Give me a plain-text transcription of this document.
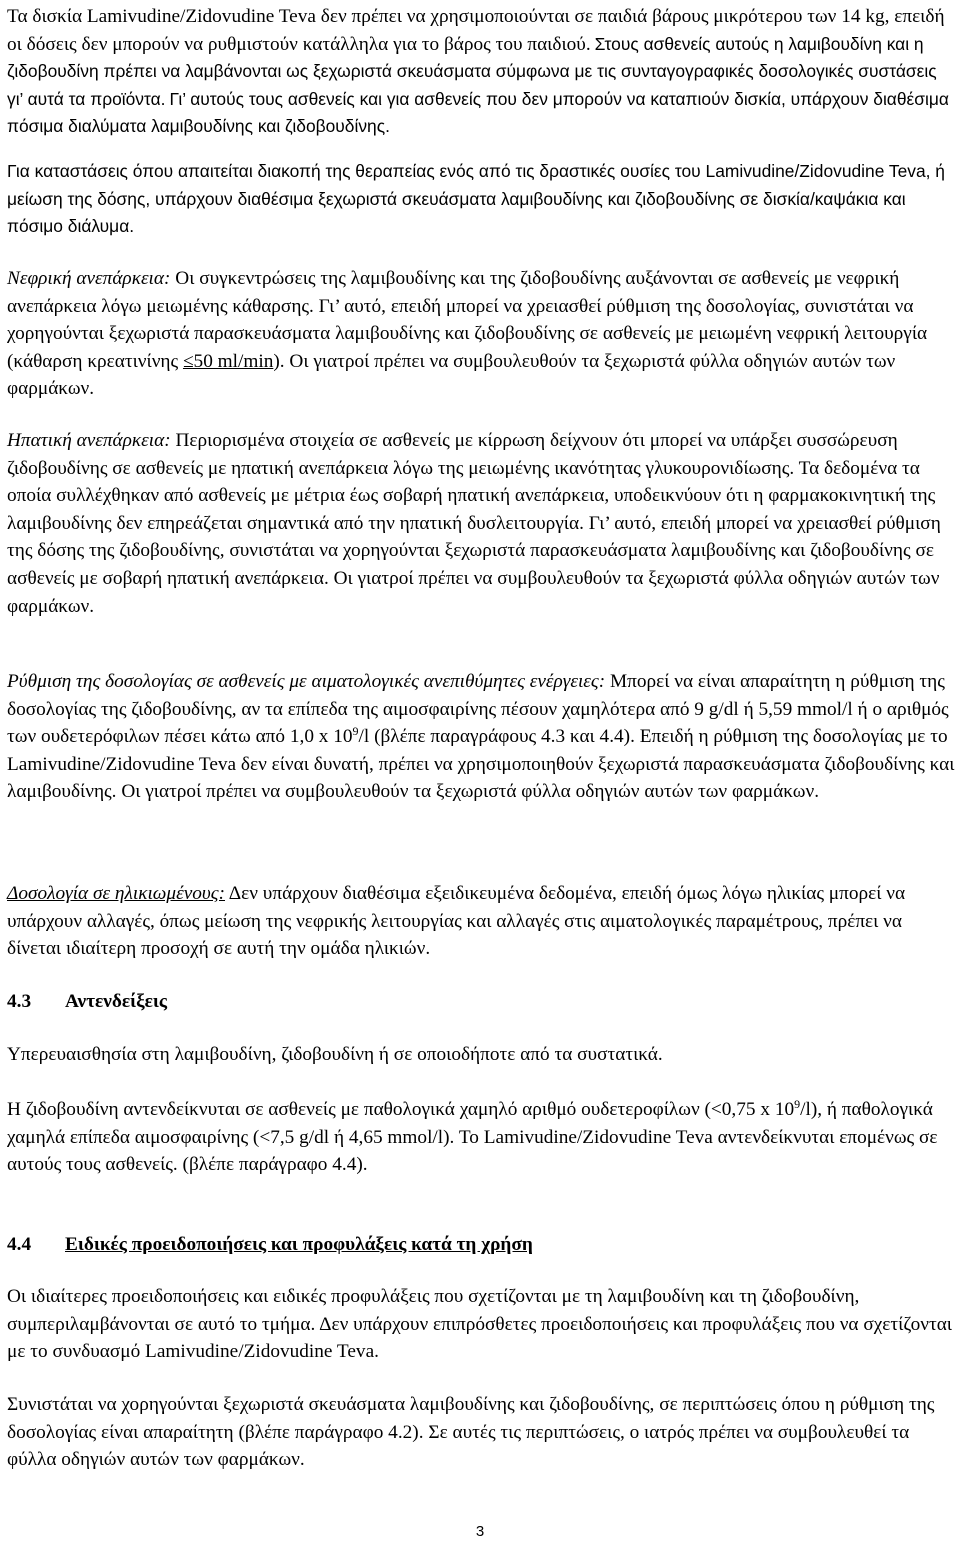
Τα δισκία Lamivudine/Zidovudine Teva δεν πρέπει να χρησιμοποιούνται σε παιδιά βάρους μικρότερου των 14 kg, επειδή οι δόσεις δεν μπορούν να ρυθμιστούν κατάλληλα για το βάρος του παιδιού. Στους ασθενείς αυτούς η λαμιβουδίνη και η ζιδοβουδίνη πρέπει να λαμβάνονται ως ξεχωριστά σκευάσματα σύμφωνα με τις συνταγογραφικές δοσολογικές συστάσεις γι’ αυτά τα προϊόντα. Γι’ αυτούς τους ασθενείς και για ασθενείς που δεν μπορούν να καταπιούν δισκία, υπάρχουν διαθέσιμα πόσιμα διαλύματα λαμιβουδίνης και ζιδοβουδίνης.

Για καταστάσεις όπου απαιτείται διακοπή της θεραπείας ενός από τις δραστικές ουσίες του Lamivudine/Zidovudine Teva, ή μείωση της δόσης, υπάρχουν διαθέσιμα ξεχωριστά σκευάσματα λαμιβουδίνης και ζιδοβουδίνης σε δισκία/καψάκια και πόσιμο διάλυμα.

Νεφρική ανεπάρκεια: Οι συγκεντρώσεις της λαμιβουδίνης και της ζιδοβουδίνης αυξάνονται σε ασθενείς με νεφρική ανεπάρκεια λόγω μειωμένης κάθαρσης. Γι’ αυτό, επειδή μπορεί να χρειασθεί ρύθμιση της δοσολογίας, συνιστάται να χορηγούνται ξεχωριστά παρασκευάσματα λαμιβουδίνης και ζιδοβουδίνης σε ασθενείς με μειωμένη νεφρική λειτουργία (κάθαρση κρεατινίνης ≤50 ml/min). Οι γιατροί πρέπει να συμβουλευθούν τα ξεχωριστά φύλλα οδηγιών αυτών των φαρμάκων.

Ηπατική ανεπάρκεια: Περιορισμένα στοιχεία σε ασθενείς με κίρρωση δείχνουν ότι μπορεί να υπάρξει συσσώρευση ζιδοβουδίνης σε ασθενείς με ηπατική ανεπάρκεια λόγω της μειωμένης ικανότητας γλυκουρονιδίωσης. Τα δεδομένα τα οποία συλλέχθηκαν από ασθενείς με μέτρια έως σοβαρή ηπατική ανεπάρκεια, υποδεικνύουν ότι η φαρμακοκινητική της λαμιβουδίνης δεν επηρεάζεται σημαντικά από την ηπατική δυσλειτουργία. Γι’ αυτό, επειδή μπορεί να χρειασθεί ρύθμιση της δόσης της ζιδοβουδίνης, συνιστάται να χορηγούνται ξεχωριστά παρασκευάσματα λαμιβουδίνης και ζιδοβουδίνης σε ασθενείς με σοβαρή ηπατική ανεπάρκεια. Οι γιατροί πρέπει να συμβουλευθούν τα ξεχωριστά φύλλα οδηγιών αυτών των φαρμάκων.

Ρύθμιση της δοσολογίας σε ασθενείς με αιματολογικές ανεπιθύμητες ενέργειες: Μπορεί να είναι απαραίτητη η ρύθμιση της δοσολογίας της ζιδοβουδίνης, αν τα επίπεδα της αιμοσφαιρίνης πέσουν χαμηλότερα από 9 g/dl ή 5,59 mmol/l ή ο αριθμός των ουδετερόφιλων πέσει κάτω από 1,0 x $10^9/l$ (βλέπε παραγράφους 4.3 και 4.4). Επειδή η ρύθμιση της δοσολογίας με το Lamivudine/Zidovudine Teva δεν είναι δυνατή, πρέπει να χρησιμοποιηθούν ξεχωριστά παρασκευάσματα ζιδοβουδίνης και λαμιβουδίνης. Οι γιατροί πρέπει να συμβουλευθούν τα ξεχωριστά φύλλα οδηγιών αυτών των φαρμάκων.

Δοσολογία σε ηλικιωμένους: Δεν υπάρχουν διαθέσιμα εξειδικευμένα δεδομένα, επειδή όμως λόγω ηλικίας μπορεί να υπάρχουν αλλαγές, όπως μείωση της νεφρικής λειτουργίας και αλλαγές στις αιματολογικές παραμέτρους, πρέπει να δίνεται ιδιαίτερη προσοχή σε αυτή την ομάδα ηλικιών.

4.3 Αντενδείξεις

Υπερευαισθησία στη λαμιβουδίνη, ζιδοβουδίνη ή σε οποιοδήποτε από τα συστατικά.

Η ζιδοβουδίνη αντενδείκνυται σε ασθενείς με παθολογικά χαμηλό αριθμό ουδετεροφίλων (<0,75 x $10^9/l$), ή παθολογικά χαμηλά επίπεδα αιμοσφαιρίνης (<7,5 g/dl ή 4,65 mmol/l). Το Lamivudine/Zidovudine Teva αντενδείκνυται επομένως σε αυτούς τους ασθενείς. (βλέπε παράγραφο 4.4).

4.4 Ειδικές προειδοποιήσεις και προφυλάξεις κατά τη χρήση

Οι ιδιαίτερες προειδοποιήσεις και ειδικές προφυλάξεις που σχετίζονται με τη λαμιβουδίνη και τη ζιδοβουδίνη, συμπεριλαμβάνονται σε αυτό το τμήμα. Δεν υπάρχουν επιπρόσθετες προειδοποιήσεις και προφυλάξεις που να σχετίζονται με το συνδυασμό Lamivudine/Zidovudine Teva.

Συνιστάται να χορηγούνται ξεχωριστά σκευάσματα λαμιβουδίνης και ζιδοβουδίνης, σε περιπτώσεις όπου η ρύθμιση της δοσολογίας είναι απαραίτητη (βλέπε παράγραφο 4.2). Σε αυτές τις περιπτώσεις, ο ιατρός πρέπει να συμβουλευθεί τα φύλλα οδηγιών αυτών των φαρμάκων.

3
